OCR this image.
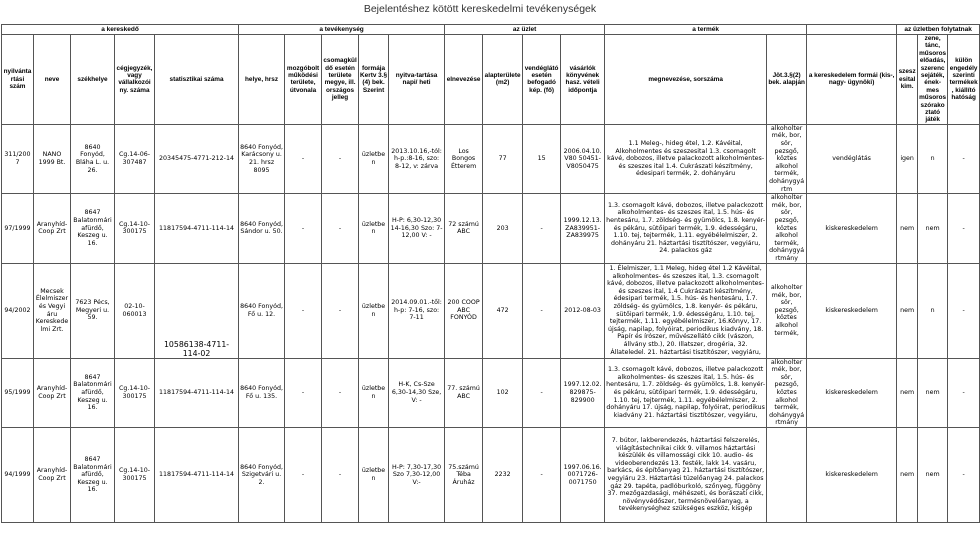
Bejelentéshez kötött kereskedelmi tevékenységek
a kereskedő					a tevékenység					az üzlet				a termék			az üzletben folytatnak		
nyilvántartási szám	neve	székhelye	cégjegyzék, vagy vállalkozói ny. száma	statisztikai száma	helye, hrsz	mozgóbolt működési területe, útvonala	csomagküldő esetén területe megye, ill. országos jelleg	formája Kertv 3.§ (4) bek. Szerint	nyitva-tartása napi/ heti	elnevezése	alapterülete (m2)	vendéglátó esetén befogadó kép. (fő)	vásárlók könyvének hasz. vételi időpontja	megnevezése, sorszáma	Jöt.3.§(2) bek. alapján	a kereskedelem formái (kis-, nagy- ügynöki)	szeszesital kim.	zene, tánc, műsoros előadás, szerencsejáték, ének-mes műsoros szórakoztató játék	külön engedély szerinti termékek, kiállító hatóság
311/2007	NANO 1999 Bt.	8640 Fonyód, Bláha L. u. 26.	Cg.14-06-307487	20345475-4771-212-14	8640 Fonyód, Karácsony u. 21. hrsz 8095	-	-	üzletben	2013.10.16,-tól: h-p.:8-16, szo: 8-12, v: zárva	Los Bongos Étterem	77	15	2006.04.10.V80 50451-V8050475	1.1 Meleg-, hideg étel, 1.2. Kávéital, Alkoholmentes és szeszesital 1.3. csomagolt kávé, dobozos, illetve palackozott alkoholmentes- és szeszes ital 1.4. Cukrászati készítmény, édesipari termék, 2. dohányáru	alkoholtermék, bor, sör, pezsgő, köztes alkohol termék, dohánygyártm	vendéglátás	igen	n	-
97/1999	Aranyhíd-Coop Zrt	8647 Balatonmáriafürdő, Keszeg u. 16.	Cg.14-10-300175	11817594-4711-114-14	8640 Fonyód, Sándor u. 50.	-	-	üzletben	H-P: 6,30-12,30 14-16,30 Szo: 7-12,00 V: -	72 számú ABC	203	-	1999.12.13. ZA839951-ZA839975	1.3. csomagolt kávé, dobozos, illetve palackozott alkoholmentes- és szeszes ital, 1.5. hús- és hentesáru, 1.7. zöldség- és gyümölcs, 1.8. kenyér- és pékáru, sütőipari termék, 1.9. édességáru, 1.10. tej, tejtermék, 1.11. egyébélelmiszer, 2. dohányáru 21. háztartási tisztítószer, vegyiáru, 24. palackos gáz	alkoholtermék, bor, sör, pezsgő, köztes alkohol termék, dohánygyártmány	kiskereskedelem	nem	nem	-
94/2002	Mecsek Élelmiszer és Vegyi áru Kereskedelmi Zrt.	7623 Pécs, Megyeri u. 59.	02-10-060013	10586138-4711-114-02	8640 Fonyód, Fő u. 12.	-	-	üzletben	2014.09.01.-től: h-p: 7-16, szo: 7-11	200 COOP ABC FONYÓD	472	-	2012-08-03	1. Élelmiszer, 1.1 Meleg, hideg étel 1.2 Kávéital, alkoholmentes- és szeszes ital, 1.3. csomagolt kávé, dobozos, illetve palackozott alkoholmentes- és szeszes ital, 1.4 Cukrászati készítmény, édesipari termék, 1.5. hús- és hentesáru, 1.7. zöldség- és gyümölcs, 1.8. kenyér- és pékáru, sütőipari termék, 1.9. édességáru, 1.10. tej, tejtermék, 1.11. egyébélelmiszer, 16.Könyv, 17. újság, napilap, folyóirat, periodikus kiadvány, 18. Papír és írószer, művészellátó cikk (vászon, állvány stb.), 20. Illatszer, drogéria, 32. Állateledel. 21. háztartási tisztítószer, vegyiáru,	alkoholtermék, bor, sör, pezsgő, köztes alkohol termék,	kiskereskedelem	nem	n	-
95/1999	Aranyhíd-Coop Zrt	8647 Balatonmáriafürdő, Keszeg u. 16.	Cg.14-10-300175	11817594-4711-114-14	8640 Fonyód, Fő u. 135.	-	-	üzletben	H-K, Cs-Sze 6,30-14,30 Sze, V: -	77. számú ABC	102	-	1997.12.02. 829875-829900	1.3. csomagolt kávé, dobozos, illetve palackozott alkoholmentes- és szeszes ital, 1.5. hús- és hentesáru, 1.7. zöldség- és gyümölcs, 1.8. kenyér- és pékáru, sütőipari termék, 1.9. édességáru, 1.10. tej, tejtermék, 1.11. egyébélelmiszer, 2. dohányáru 17. újság, napilap, folyóirat, periodikus kiadvány 21. háztartási tisztítószer, vegyiáru,	alkoholtermék, bor, sör, pezsgő, köztes alkohol termék, dohánygyártmány	kiskereskedelem	nem	nem	-
94/1999	Aranyhíd-Coop Zrt	8647 Balatonmáriafürdő, Keszeg u. 16.	Cg.14-10-300175	11817594-4711-114-14	8640 Fonyód, Szigetvári u. 2.	-	-	üzletben	H-P: 7,30-17,30 Szo 7,30-12,00 V:-	75.számú Téba Áruház	2232	-	1997.06.16. 0071726-0071750	7. bútor, lakberendezés, háztartási felszerelés, világítástechnikai cikk 9. villamos háztartási készülék és villamossági cikk 10. audio- és videoberendezés 13. festék, lakk 14. vasáru, barkács, és építőanyag 21. háztartási tisztítószer, vegyiáru 23. Háztartási tüzelőanyag 24. palackos gáz 29. tapéta, padlóburkoló, szőnyeg, függöny 37. mezőgazdasági, méhészeti, és borászati cikk, növényvédőszer, termésnövelőanyag, a tevékenységhez szükséges eszköz, kisgép		kiskereskedelem	nem	nem	-
